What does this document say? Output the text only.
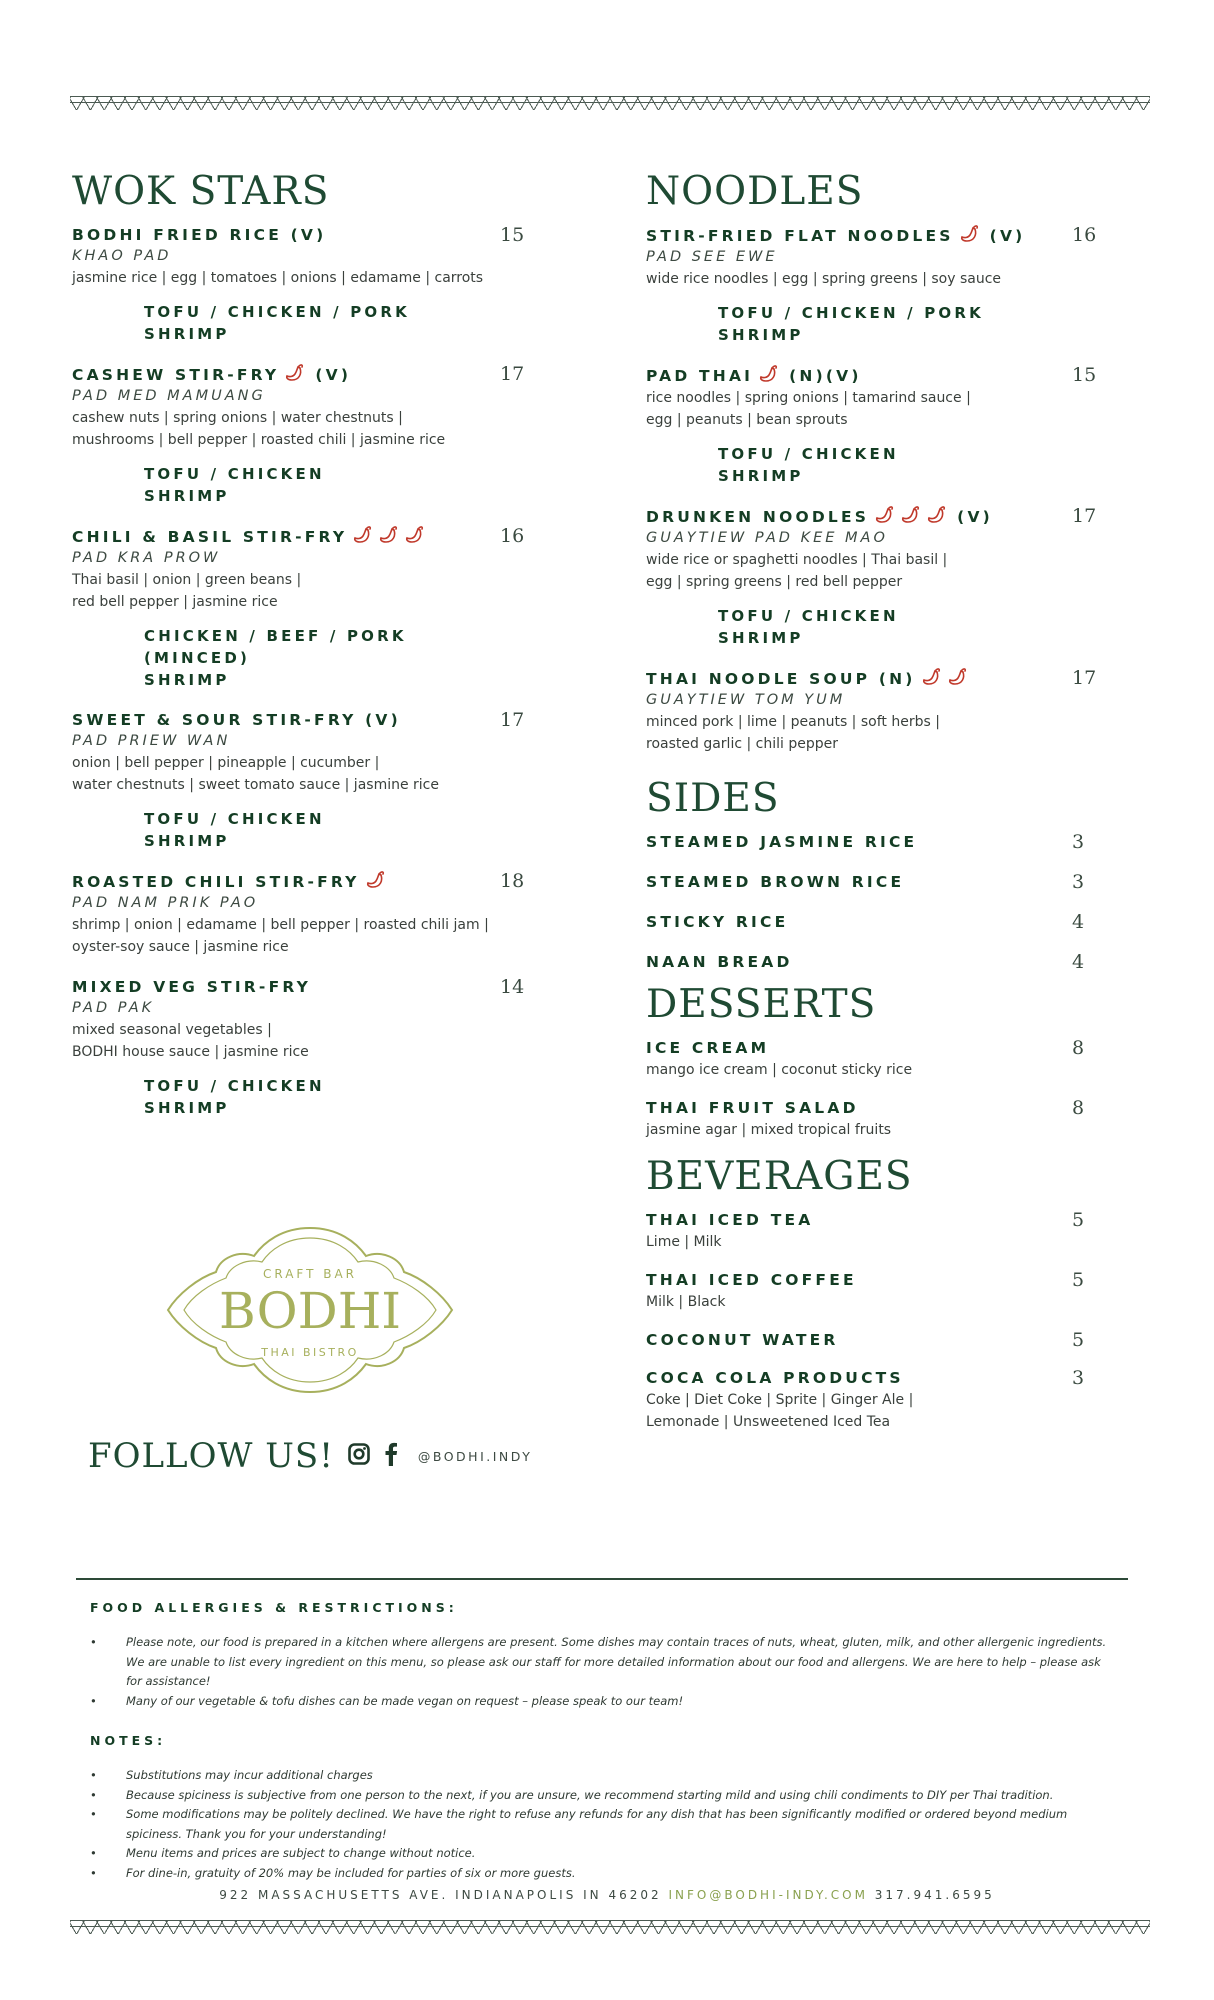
WOK STARS
BODHI FRIED RICE (V)	15
KHAO PAD
jasmine rice | egg | tomatoes | onions | edamame | carrots
TOFU / CHICKEN / PORK
SHRIMP
CASHEW STIR-FRY (V)	17
PAD MED MAMUANG
cashew nuts | spring onions | water chestnuts |
mushrooms | bell pepper | roasted chili | jasmine rice
TOFU / CHICKEN
SHRIMP
CHILI & BASIL STIR-FRY	16
PAD KRA PROW
Thai basil | onion | green beans |
red bell pepper | jasmine rice
CHICKEN / BEEF / PORK (MINCED)
SHRIMP
SWEET & SOUR STIR-FRY (V)	17
PAD PRIEW WAN
onion | bell pepper | pineapple | cucumber |
water chestnuts | sweet tomato sauce | jasmine rice
TOFU / CHICKEN
SHRIMP
ROASTED CHILI STIR-FRY	18
PAD NAM PRIK PAO
shrimp | onion | edamame | bell pepper | roasted chili jam |
oyster-soy sauce | jasmine rice
MIXED VEG STIR-FRY	14
PAD PAK
mixed seasonal vegetables |
BODHI house sauce | jasmine rice
TOFU / CHICKEN
SHRIMP
NOODLES
STIR-FRIED FLAT NOODLES (V)	16
PAD SEE EWE
wide rice noodles | egg | spring greens | soy sauce
TOFU / CHICKEN / PORK
SHRIMP
PAD THAI (N)(V)	15
rice noodles | spring onions | tamarind sauce |
egg | peanuts | bean sprouts
TOFU / CHICKEN
SHRIMP
DRUNKEN NOODLES	(V)	17
GUAYTIEW PAD KEE MAO
wide rice or spaghetti noodles | Thai basil |
egg | spring greens | red bell pepper
TOFU / CHICKEN
SHRIMP
THAI NOODLE SOUP (N)	17
GUAYTIEW TOM YUM
minced pork | lime | peanuts | soft herbs |
roasted garlic | chili pepper
SIDES
STEAMED JASMINE RICE	3
STEAMED BROWN RICE	3
STICKY RICE	4
NAAN BREAD	4
DESSERTS
ICE CREAM	8
mango ice cream | coconut sticky rice
THAI FRUIT SALAD	8
jasmine agar | mixed tropical fruits
BEVERAGES
THAI ICED TEA	5
Lime | Milk
THAI ICED COFFEE	5
Milk | Black
COCONUT WATER	5
COCA COLA PRODUCTS	3
Coke | Diet Coke | Sprite | Ginger Ale |
Lemonade | Unsweetened Iced Tea
CRAFT BAR
BODHI
THAI BISTRO
FOLLOW US!	@BODHI.INDY
FOOD ALLERGIES & RESTRICTIONS:
• Please note, our food is prepared in a kitchen where allergens are present. Some dishes may contain traces of nuts, wheat, gluten, milk, and other allergenic ingredients. We are unable to list every ingredient on this menu, so please ask our staff for more detailed information about our food and allergens. We are here to help – please ask for assistance!
• Many of our vegetable & tofu dishes can be made vegan on request – please speak to our team!
NOTES:
• Substitutions may incur additional charges
• Because spiciness is subjective from one person to the next, if you are unsure, we recommend starting mild and using chili condiments to DIY per Thai tradition.
• Some modifications may be politely declined. We have the right to refuse any refunds for any dish that has been significantly modified or ordered beyond medium spiciness. Thank you for your understanding!
• Menu items and prices are subject to change without notice.
• For dine-in, gratuity of 20% may be included for parties of six or more guests.
922 MASSACHUSETTS AVE. INDIANAPOLIS IN 46202 INFO@BODHI-INDY.COM 317.941.6595
